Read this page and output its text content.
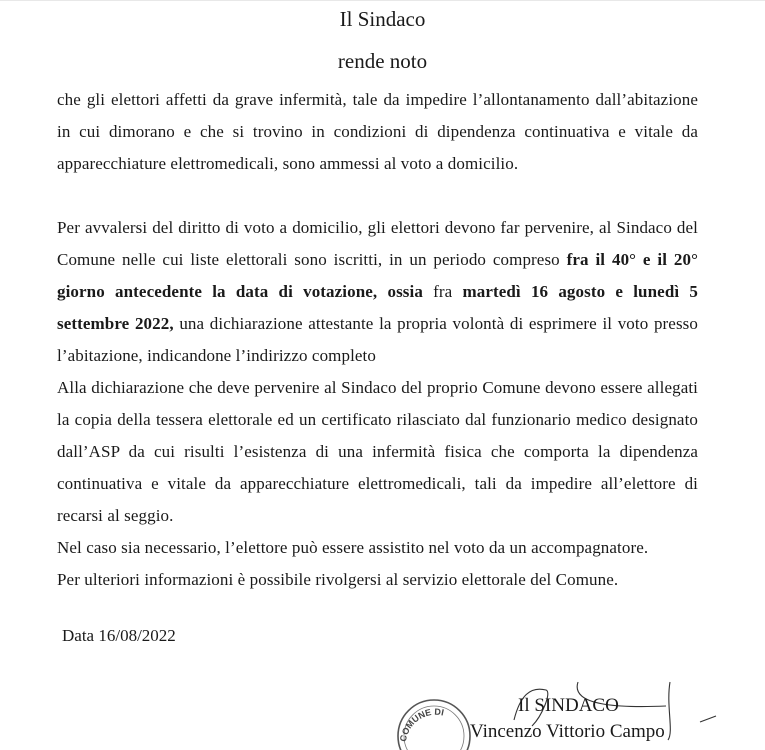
Il Sindaco
rende noto

che gli elettori affetti da grave infermità, tale da impedire l’allontanamento dall’abitazione in cui dimorano e che si trovino in condizioni di dipendenza continuativa e vitale da apparecchiature elettromedicali, sono ammessi al voto a domicilio.

Per avvalersi del diritto di voto a domicilio, gli elettori devono far pervenire, al Sindaco del Comune nelle cui liste elettorali sono iscritti, in un periodo compreso fra il 40° e il 20° giorno antecedente la data di votazione, ossia fra martedì 16 agosto e lunedì 5 settembre 2022, una dichiarazione attestante la propria volontà di esprimere il voto presso l’abitazione, indicandone l’indirizzo completo

Alla dichiarazione che deve pervenire al Sindaco del proprio Comune devono essere allegati la copia della tessera elettorale ed un certificato rilasciato dal funzionario medico designato dall’ASP da cui risulti l’esistenza di una infermità fisica che comporta la dipendenza continuativa e vitale da apparecchiature elettromedicali, tali da impedire all’elettore di recarsi al seggio.

Nel caso sia necessario, l’elettore può essere assistito nel voto da un accompagnatore.

Per ulteriori informazioni è possibile rivolgersi al servizio elettorale del Comune.

Data 16/08/2022
COMUNE DI	Il SINDACO
Vincenzo Vittorio Campo
